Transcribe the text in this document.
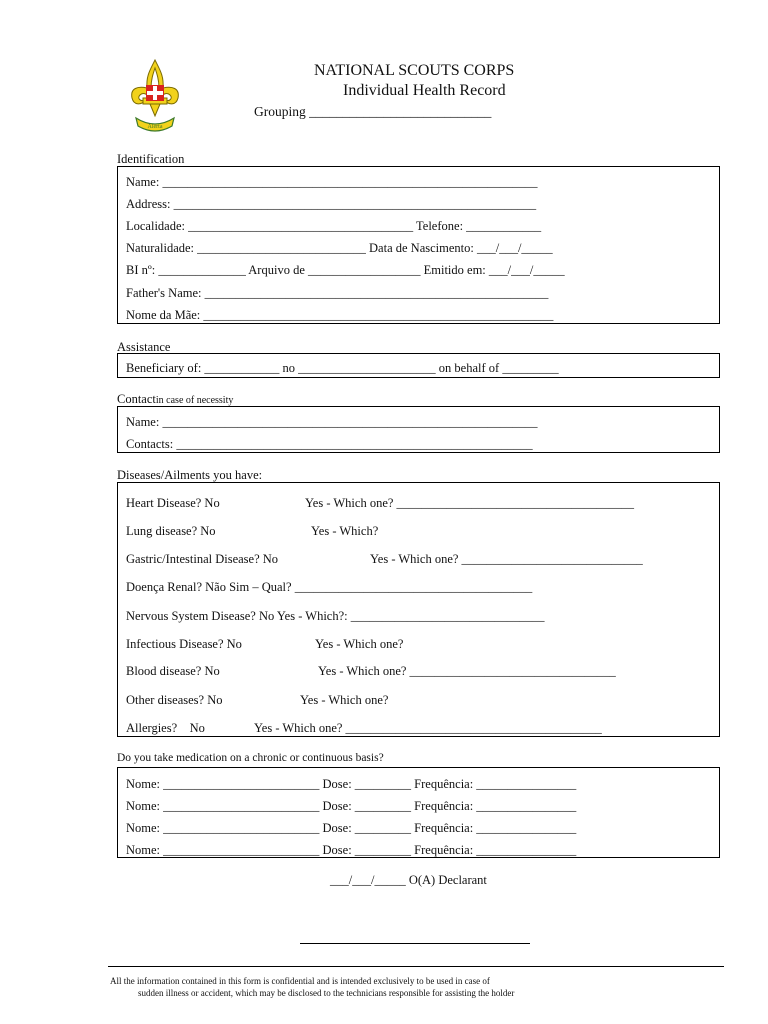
Alerta
NATIONAL SCOUTS CORPS
Individual Health Record
Grouping ___________________________
Identification
Name: ____________________________________________________________
Address: __________________________________________________________
Localidade: ____________________________________ Telefone: ____________
Naturalidade: ___________________________ Data de Nascimento: ___/___/_____
BI nº: ______________ Arquivo de __________________ Emitido em: ___/___/_____
Father's Name: _______________________________________________________
Nome da Mãe: ________________________________________________________
Assistance
Beneficiary of: ____________ no ______________________ on behalf of _________
Contactin case of necessity
Name: ____________________________________________________________
Contacts: _________________________________________________________
Diseases/Ailments you have:
Heart Disease? No	Yes - Which one? ______________________________________
Lung disease? No	Yes - Which?
Gastric/Intestinal Disease? No	Yes - Which one? _____________________________
Doença Renal? Não Sim – Qual? ______________________________________
Nervous System Disease? No Yes - Which?: _______________________________
Infectious Disease? No	Yes - Which one?
Blood disease? No	Yes - Which one? _________________________________
Other diseases? No	Yes - Which one?
Allergies?    No	Yes - Which one? _________________________________________
Do you take medication on a chronic or continuous basis?
Nome: _________________________ Dose: _________ Frequência: ________________
Nome: _________________________ Dose: _________ Frequência: ________________
Nome: _________________________ Dose: _________ Frequência: ________________
Nome: _________________________ Dose: _________ Frequência: ________________
___/___/_____ O(A) Declarant
All the information contained in this form is confidential and is intended exclusively to be used in case of
sudden illness or accident, which may be disclosed to the technicians responsible for assisting the holder
